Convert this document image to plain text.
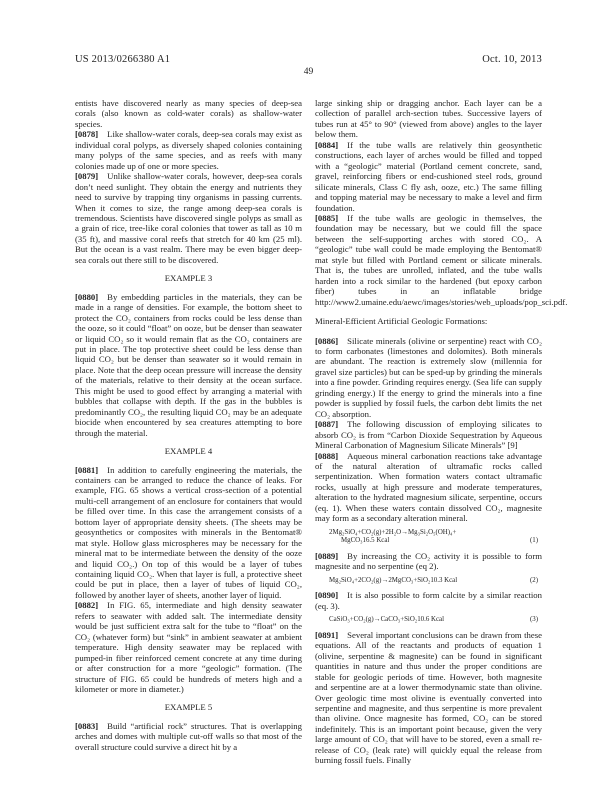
US 2013/0266380 A1	Oct. 10, 2013
49

entists have discovered nearly as many species of deep-sea corals (also known as cold-water corals) as shallow-water species.

[0878] Like shallow-water corals, deep-sea corals may exist as individual coral polyps, as diversely shaped colonies containing many polyps of the same species, and as reefs with many colonies made up of one or more species.

[0879] Unlike shallow-water corals, however, deep-sea corals don’t need sunlight. They obtain the energy and nutrients they need to survive by trapping tiny organisms in passing currents. When it comes to size, the range among deep-sea corals is tremendous. Scientists have discovered single polyps as small as a grain of rice, tree-like coral colonies that tower as tall as 10 m (35 ft), and massive coral reefs that stretch for 40 km (25 ml). But the ocean is a vast realm. There may be even bigger deep-sea corals out there still to be discovered.

EXAMPLE 3

[0880] By embedding particles in the materials, they can be made in a range of densities. For example, the bottom sheet to protect the CO₂ containers from rocks could be less dense than the ooze, so it could “float” on ooze, but be denser than seawater or liquid CO₂ so it would remain flat as the CO₂ containers are put in place. The top protective sheet could be less dense than liquid CO₂ but be denser than seawater so it would remain in place. Note that the deep ocean pressure will increase the density of the materials, relative to their density at the ocean surface. This might be used to good effect by arranging a material with bubbles that collapse with depth. If the gas in the bubbles is predominantly CO₂, the resulting liquid CO₂ may be an adequate biocide when encountered by sea creatures attempting to bore through the material.

EXAMPLE 4

[0881] In addition to carefully engineering the materials, the containers can be arranged to reduce the chance of leaks. For example, FIG. 65 shows a vertical cross-section of a potential multi-cell arrangement of an enclosure for containers that would be filled over time. In this case the arrangement consists of a bottom layer of appropriate density sheets. (The sheets may be geosynthetics or composites with minerals in the Bentomat® mat style. Hollow glass microspheres may be necessary for the mineral mat to be intermediate between the density of the ooze and liquid CO₂.) On top of this would be a layer of tubes containing liquid CO₂. When that layer is full, a protective sheet could be put in place, then a layer of tubes of liquid CO₂, followed by another layer of sheets, another layer of liquid.

[0882] In FIG. 65, intermediate and high density seawater refers to seawater with added salt. The intermediate density would be just sufficient extra salt for the tube to “float” on the CO₂ (whatever form) but “sink” in ambient seawater at ambient temperature. High density seawater may be replaced with pumped-in fiber reinforced cement concrete at any time during or after construction for a more “geologic” formation. (The structure of FIG. 65 could be hundreds of meters high and a kilometer or more in diameter.)

EXAMPLE 5

[0883] Build “artificial rock” structures. That is overlapping arches and domes with multiple cut-off walls so that most of the overall structure could survive a direct hit by a

large sinking ship or dragging anchor. Each layer can be a collection of parallel arch-section tubes. Successive layers of tubes run at 45° to 90° (viewed from above) angles to the layer below them.

[0884] If the tube walls are relatively thin geosynthetic constructions, each layer of arches would be filled and topped with a “geologic” material (Portland cement concrete, sand, gravel, reinforcing fibers or end-cushioned steel rods, ground silicate minerals, Class C fly ash, ooze, etc.) The same filling and topping material may be necessary to make a level and firm foundation.

[0885] If the tube walls are geologic in themselves, the foundation may be necessary, but we could fill the space between the self-supporting arches with stored CO₂. A “geologic” tube wall could be made employing the Bentomat® mat style but filled with Portland cement or silicate minerals. That is, the tubes are unrolled, inflated, and the tube walls harden into a rock similar to the hardened (but epoxy carbon fiber) tubes in an inflatable bridge http://www2.umaine.edu/aewc/images/stories/web_uploads/pop_sci.pdf.

Mineral-Efficient Artificial Geologic Formations:

[0886] Silicate minerals (olivine or serpentine) react with CO₂ to form carbonates (limestones and dolomites). Both minerals are abundant. The reaction is extremely slow (millennia for gravel size particles) but can be sped-up by grinding the minerals into a fine powder. Grinding requires energy. (Sea life can supply grinding energy.) If the energy to grind the minerals into a fine powder is supplied by fossil fuels, the carbon debt limits the net CO₂ absorption.

[0887] The following discussion of employing silicates to absorb CO₂ is from “Carbon Dioxide Sequestration by Aqueous Mineral Carbonation of Magnesium Silicate Minerals” [9]

[0888] Aqueous mineral carbonation reactions take advantage of the natural alteration of ultramafic rocks called serpentinization. When formation waters contact ultramafic rocks, usually at high pressure and moderate temperatures, alteration to the hydrated magnesium silicate, serpentine, occurs (eq. 1). When these waters contain dissolved CO₂, magnesite may form as a secondary alteration mineral.

2Mg₂SiO₄+CO₂(g)+2H₂O→Mg₃Si₂O₅(OH)₄+
MgCO₃16.5 Kcal	(1)

[0889] By increasing the CO₂ activity it is possible to form magnesite and no serpentine (eq 2).

Mg₂SiO₄+2CO₂(g)→2MgCO₃+SiO₂10.3 Kcal	(2)

[0890] It is also possible to form calcite by a similar reaction (eq. 3).

CaSiO₃+CO₂(g)→CaCO₃+SiO₂10.6 Kcal	(3)

[0891] Several important conclusions can be drawn from these equations. All of the reactants and products of equation 1 (olivine, serpentine & magnesite) can be found in significant quantities in nature and thus under the proper conditions are stable for geologic periods of time. However, both magnesite and serpentine are at a lower thermodynamic state than olivine. Over geologic time most olivine is eventually converted into serpentine and magnesite, and thus serpentine is more prevalent than olivine. Once magnesite has formed, CO₂ can be stored indefinitely. This is an important point because, given the very large amount of CO₂ that will have to be stored, even a small re-release of CO₂ (leak rate) will quickly equal the release from burning fossil fuels. Finally
